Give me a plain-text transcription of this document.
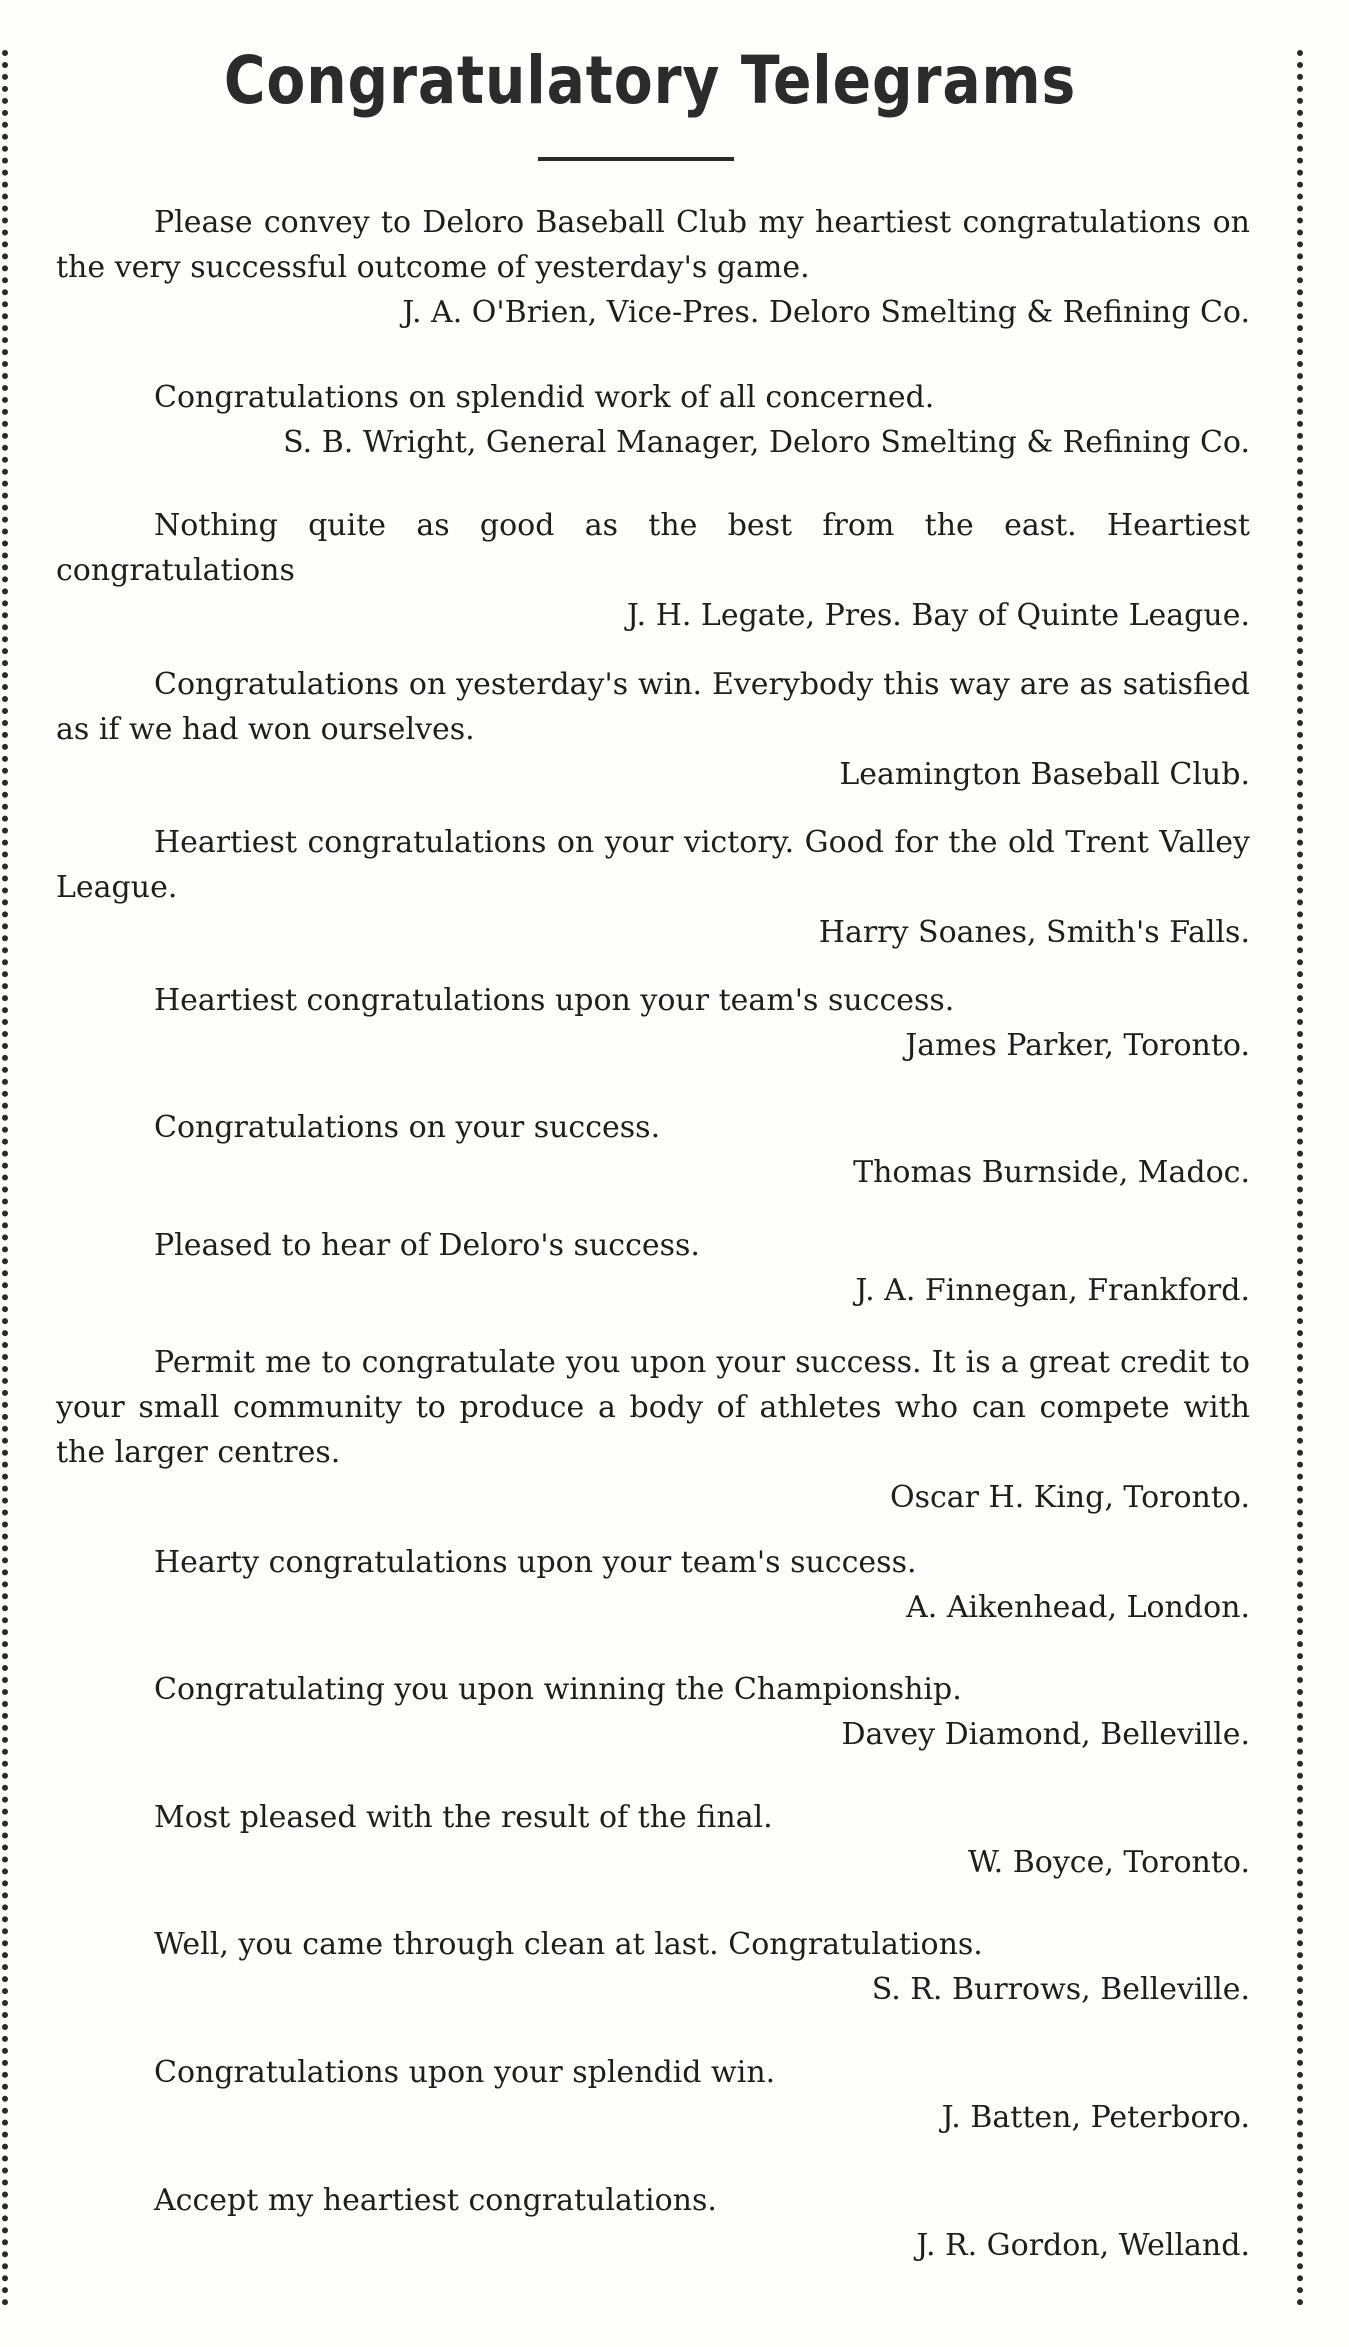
Congratulatory Telegrams

Please convey to Deloro Baseball Club my heartiest congratulations on the very successful outcome of yesterday's game.

J. A. O'Brien, Vice-Pres. Deloro Smelting & Refining Co.

Congratulations on splendid work of all concerned.

S. B. Wright, General Manager, Deloro Smelting & Refining Co.

Nothing quite as good as the best from the east. Heartiest congratulations

J. H. Legate, Pres. Bay of Quinte League.

Congratulations on yesterday's win. Everybody this way are as satisfied as if we had won ourselves.

Leamington Baseball Club.

Heartiest congratulations on your victory. Good for the old Trent Valley League.

Harry Soanes, Smith's Falls.

Heartiest congratulations upon your team's success.

James Parker, Toronto.

Congratulations on your success.

Thomas Burnside, Madoc.

Pleased to hear of Deloro's success.

J. A. Finnegan, Frankford.

Permit me to congratulate you upon your success. It is a great credit to your small community to produce a body of athletes who can compete with the larger centres.

Oscar H. King, Toronto.

Hearty congratulations upon your team's success.

A. Aikenhead, London.

Congratulating you upon winning the Championship.

Davey Diamond, Belleville.

Most pleased with the result of the final.

W. Boyce, Toronto.

Well, you came through clean at last. Congratulations.

S. R. Burrows, Belleville.

Congratulations upon your splendid win.

J. Batten, Peterboro.

Accept my heartiest congratulations.

J. R. Gordon, Welland.
